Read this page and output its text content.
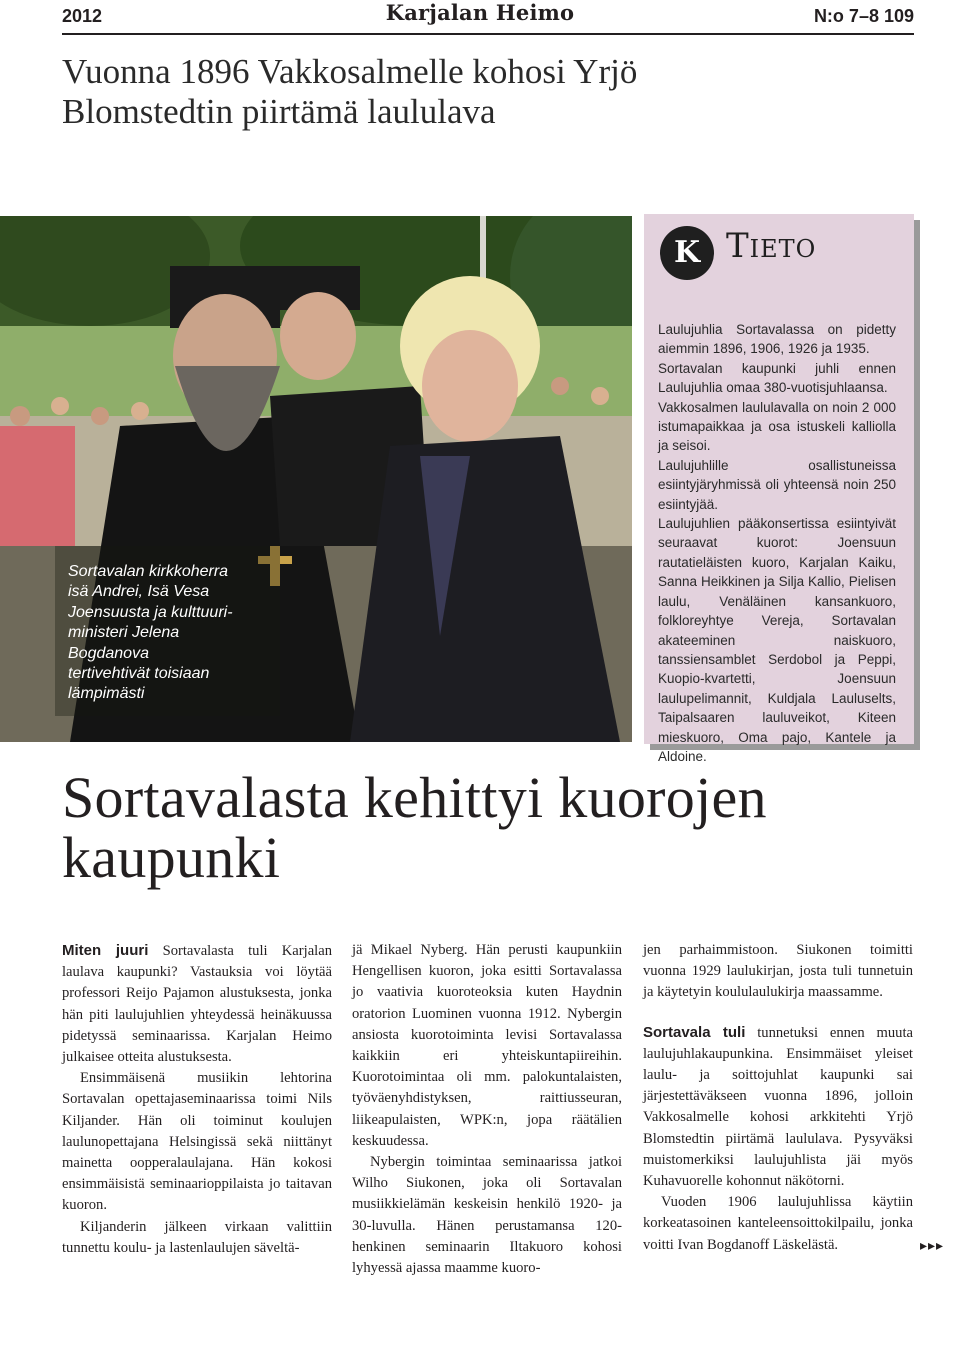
2012	Karjalan Heimo	N:o 7–8 109
Vuonna 1896 Vakkosalmelle kohosi Yrjö Blomstedtin piirtämä laululava
Sortavalan kirkkoherra
isä Andrei, Isä Vesa
Joensuusta ja kulttuuri-
ministeri Jelena
Bogdanova
tertivehtivät toisiaan
lämpimästi
K Tieto

Laulujuhlia Sortavalassa on pidetty aiemmin 1896, 1906, 1926 ja 1935.

Sortavalan kaupunki juhli ennen Laulujuhlia omaa 380-vuotisjuhlaansa.

Vakkosalmen laululavalla on noin 2 000 istumapaikkaa ja osa istuskeli kalliolla ja seisoi.

Laulujuhlille osallistuneissa esiintyjäryhmissä oli yhteensä noin 250 esiintyjää.

Laulujuhlien pääkonsertissa esiintyivät seuraavat kuorot: Joensuun rautatieläisten kuoro, Karjalan Kaiku, Sanna Heikkinen ja Silja Kallio, Pielisen laulu, Venäläinen kansankuoro, folkloreyhtye Vereja, Sortavalan akateeminen naiskuoro, tanssiensamblet Serdobol ja Peppi, Kuopio-kvartetti, Joensuun laulupelimannit, Kuldjala Lauluselts, Taipalsaaren lauluveikot, Kiteen mieskuoro, Oma pajo, Kantele ja Aldoine.

Sortavalasta kehittyi kuorojen kaupunki

Miten juuri Sortavalasta tuli Karjalan laulava kaupunki? Vastauksia voi löytää professori Reijo Pajamon alustuksesta, jonka hän piti laulujuhlien yhteydessä heinäkuussa pidetyssä seminaarissa. Karjalan Heimo julkaisee otteita alustuksesta.

Ensimmäisenä musiikin lehtorina Sortavalan opettajaseminaarissa toimi Nils Kiljander. Hän oli toiminut koulujen laulunopettajana Helsingissä sekä niittänyt mainetta oopperalaulajana. Hän kokosi ensimmäisistä seminaarioppilaista jo taitavan kuoron.

Kiljanderin jälkeen virkaan valittiin tunnettu koulu- ja lastenlaulujen säveltä-

jä Mikael Nyberg. Hän perusti kaupunkiin Hengellisen kuoron, joka esitti Sortavalassa jo vaativia kuoroteoksia kuten Haydnin oratorion Luominen vuonna 1912. Nybergin ansiosta kuorotoiminta levisi Sortavalassa kaikkiin eri yhteiskuntapiireihin. Kuorotoimintaa oli mm. palokuntalaisten, työväenyhdistyksen, raittiusseuran, liikeapulaisten, WPK:n, jopa räätälien keskuudessa.

Nybergin toimintaa seminaarissa jatkoi Wilho Siukonen, joka oli Sortavalan musiikkielämän keskeisin henkilö 1920- ja 30-luvulla. Hänen perustamansa 120-henkinen seminaarin Iltakuoro kohosi lyhyessä ajassa maamme kuoro-

jen parhaimmistoon. Siukonen toimitti vuonna 1929 laulukirjan, josta tuli tunnetuin ja käytetyin koululaulukirja maassamme.

Sortavala tuli tunnetuksi ennen muuta laulujuhlakaupunkina. Ensimmäiset yleiset laulu- ja soittojuhlat kaupunki sai järjestettäväkseen vuonna 1896, jolloin Vakkosalmelle kohosi arkkitehti Yrjö Blomstedtin piirtämä laululava. Pysyväksi muistomerkiksi laulujuhlista jäi myös Kuhavuorelle kohonnut näkötorni.

Vuoden 1906 laulujuhlissa käytiin korkeatasoinen kanteleensoittokilpailu, jonka voitti Ivan Bogdanoff Läskelästä.	▸▸▸
